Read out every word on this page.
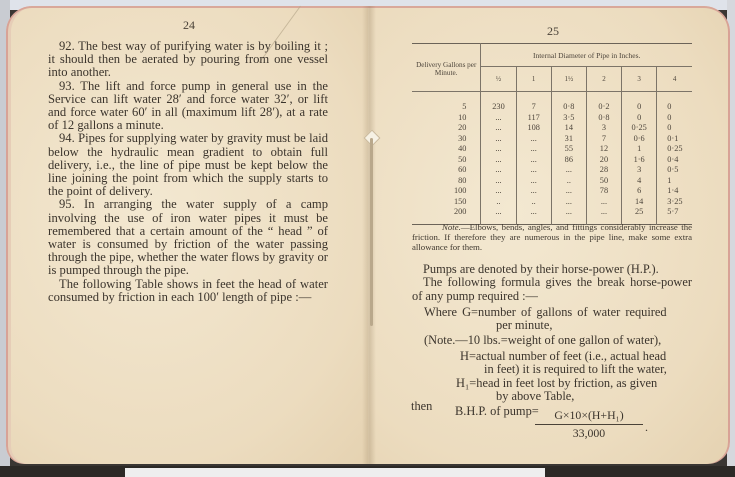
24

92. The best way of purifying water is by boiling it ; it should then be aerated by pouring from one vessel into another.

93. The lift and force pump in general use in the Service can lift water 28′ and force water 32′, or lift and force water 60′ in all (maximum lift 28′), at a rate of 12 gallons a minute.

94. Pipes for supplying water by gravity must be laid below the hydraulic mean gradient to obtain full delivery, i.e., the line of pipe must be kept below the line joining the point from which the supply starts to the point of delivery.

95. In arranging the water supply of a camp involving the use of iron water pipes it must be remembered that a certain amount of the “ head ” of water is consumed by friction of the water passing through the pipe, whether the water flows by gravity or is pumped through the pipe.

The following Table shows in feet the head of water consumed by friction in each 100′ length of pipe :—

25
Delivery Gallons per Minute.	Internal Diameter of Pipe in Inches.					
	½	1	1½	2	3	4
5	230	7	0·8	0·2	0	0
10	...	117	3·5	0·8	0	0
20	...	108	14	3	0·25	0
30	...	...	31	7	0·6	0·1
40	...	...	55	12	1	0·25
50	...	...	86	20	1·6	0·4
60	...	...	...	28	3	0·5
80	...	...	..	50	4	1
100	...	...	...	78	6	1·4
150	..	..	...	...	14	3·25
200	...	...	...	...	25	5·7
Note.—Elbows, bends, angles, and fittings considerably increase the friction. If therefore they are numerous in the pipe line, make some extra allowance for them.

Pumps are denoted by their horse-power (H.P.).

The following formula gives the break horse-power of any pump required :—

Where G=number of gallons of water required
per minute,
(Note.—10 lbs.=weight of one gallon of water),
H=actual number of feet (i.e., actual head
in feet) it is required to lift the water,
H₁=head in feet lost by friction, as given
by above Table,
then B.H.P. of pump=
$\frac{\text{G×10×(H+H₁)}}{33,000}$ .
